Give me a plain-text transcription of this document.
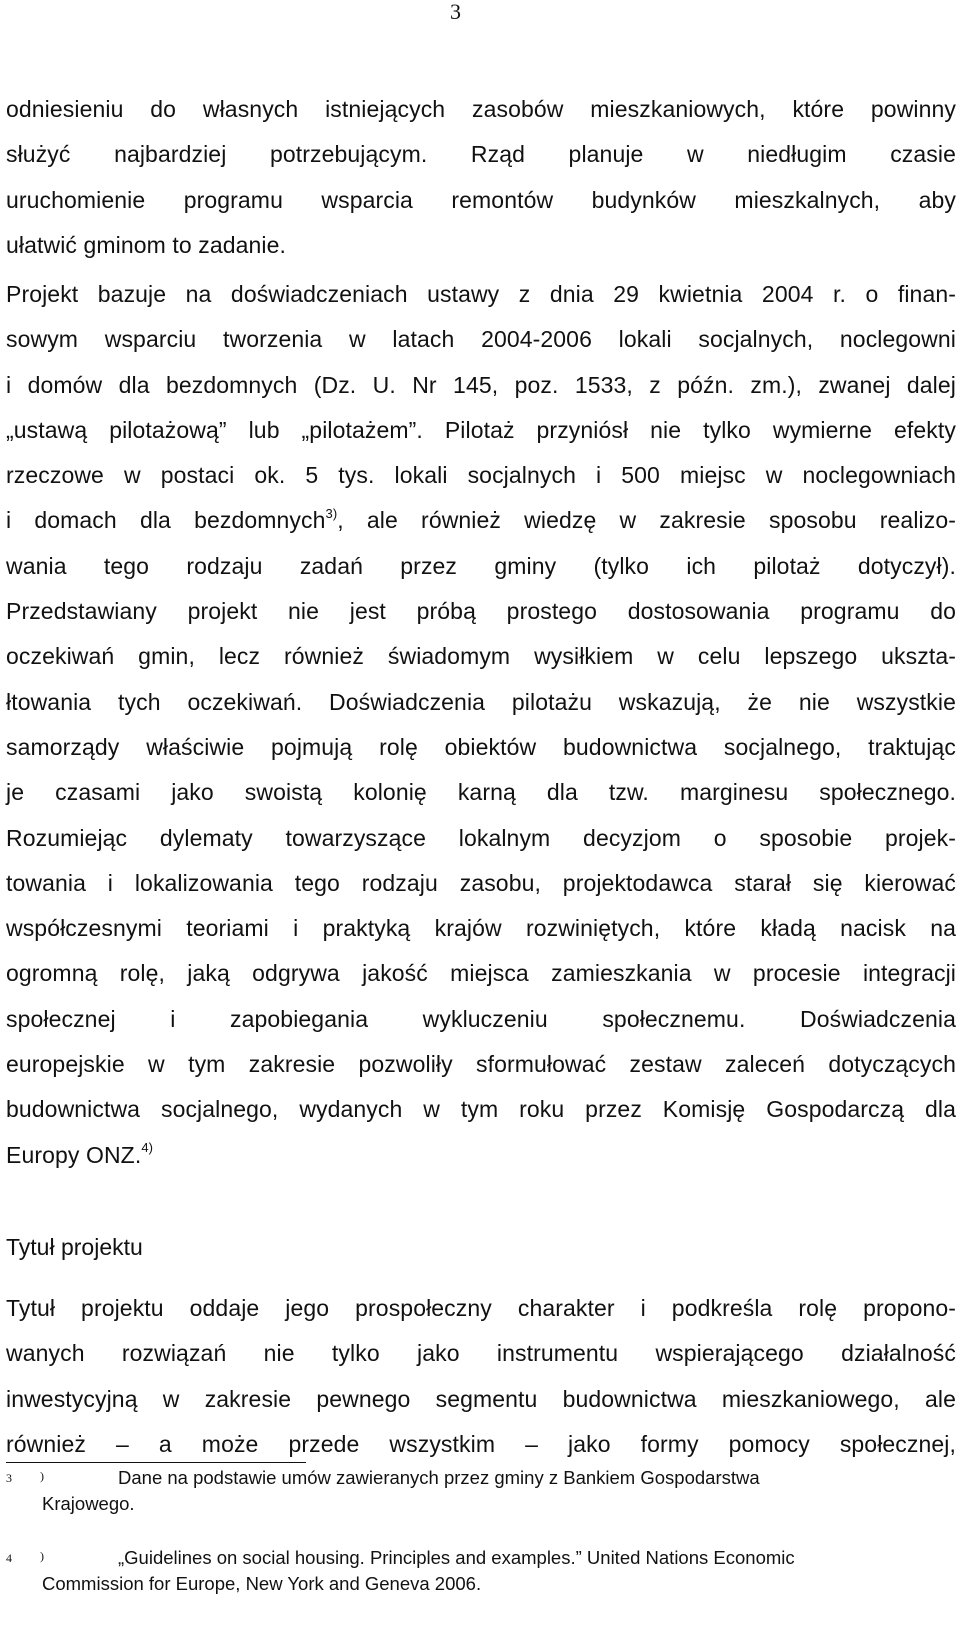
3
odniesieniu do własnych istniejących zasobów mieszkaniowych, które powinny
służyć najbardziej potrzebującym. Rząd planuje w niedługim czasie
uruchomienie programu wsparcia remontów budynków mieszkalnych, aby
ułatwić gminom to zadanie.
Projekt bazuje na doświadczeniach ustawy z dnia 29 kwietnia 2004 r. o finan-
sowym wsparciu tworzenia w latach 2004-2006 lokali socjalnych, noclegowni
i domów dla bezdomnych (Dz. U. Nr 145, poz. 1533, z późn. zm.), zwanej dalej
„ustawą pilotażową” lub „pilotażem”. Pilotaż przyniósł nie tylko wymierne efekty
rzeczowe w postaci ok. 5 tys. lokali socjalnych i 500 miejsc w noclegowniach
i domach dla bezdomnych$^{3)}$, ale również wiedzę w zakresie sposobu realizo-
wania tego rodzaju zadań przez gminy (tylko ich pilotaż dotyczył).
Przedstawiany projekt nie jest próbą prostego dostosowania programu do
oczekiwań gmin, lecz również świadomym wysiłkiem w celu lepszego ukszta-
łtowania tych oczekiwań. Doświadczenia pilotażu wskazują, że nie wszystkie
samorządy właściwie pojmują rolę obiektów budownictwa socjalnego, traktując
je czasami jako swoistą kolonię karną dla tzw. marginesu społecznego.
Rozumiejąc dylematy towarzyszące lokalnym decyzjom o sposobie projek-
towania i lokalizowania tego rodzaju zasobu, projektodawca starał się kierować
współczesnymi teoriami i praktyką krajów rozwiniętych, które kładą nacisk na
ogromną rolę, jaką odgrywa jakość miejsca zamieszkania w procesie integracji
społecznej i zapobiegania wykluczeniu społecznemu. Doświadczenia
europejskie w tym zakresie pozwoliły sformułować zestaw zaleceń dotyczących
budownictwa socjalnego, wydanych w tym roku przez Komisję Gospodarczą dla
Europy ONZ.$^{4)}$
Tytuł projektu
Tytuł projektu oddaje jego prospołeczny charakter i podkreśla rolę propono-
wanych rozwiązań nie tylko jako instrumentu wspierającego działalność
inwestycyjną w zakresie pewnego segmentu budownictwa mieszkaniowego, ale
również – a może przede wszystkim – jako formy pomocy społecznej,
3 )	Dane na podstawie umów zawieranych przez gminy z Bankiem Gospodarstwa
Krajowego.
4 )	„Guidelines on social housing. Principles and examples.” United Nations Economic
Commission for Europe, New York and Geneva 2006.
